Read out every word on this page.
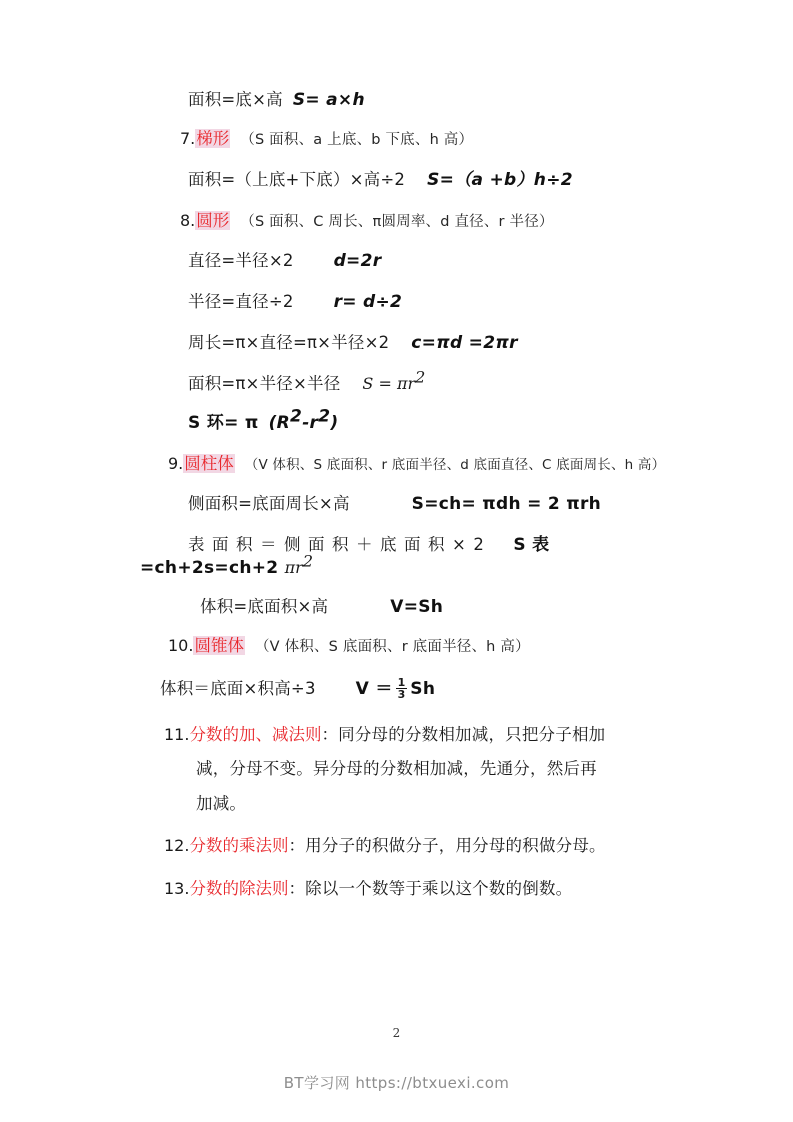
面积=底×高 S= a×h
7.梯形 （S 面积、a 上底、b 下底、h 高）
面积=（上底+下底）×高÷2 S=（a +b）h÷2
8.圆形 （S 面积、C 周长、π圆周率、d 直径、r 半径）
直径=半径×2 d=2r
半径=直径÷2 r= d÷2
周长=π×直径=π×半径×2 c=πd =2πr
面积=π×半径×半径 $S = \pi r^2$
S 环= π $(R^2-r^2)$
9.圆柱体 （V 体积、S 底面积、r 底面半径、d 底面直径、C 底面周长、h 高）
侧面积=底面周长×高	S=ch= πdh = 2 πrh
表面积＝侧面积＋底面积×2 S 表
=ch+2s=ch+2 $\pi r^2$
体积=底面积×高	V=Sh
10.圆锥体 （V 体积、S 底面积、r 底面半径、h 高）
体积＝底面×积高÷3 $V = \frac{1}{3}$ Sh
11.分数的加、减法则：同分母的分数相加减，只把分子相加
减，分母不变。异分母的分数相加减，先通分，然后再
加减。
12.分数的乘法则：用分子的积做分子，用分母的积做分母。
13.分数的除法则：除以一个数等于乘以这个数的倒数。
2
BT学习网 https://btxuexi.com
